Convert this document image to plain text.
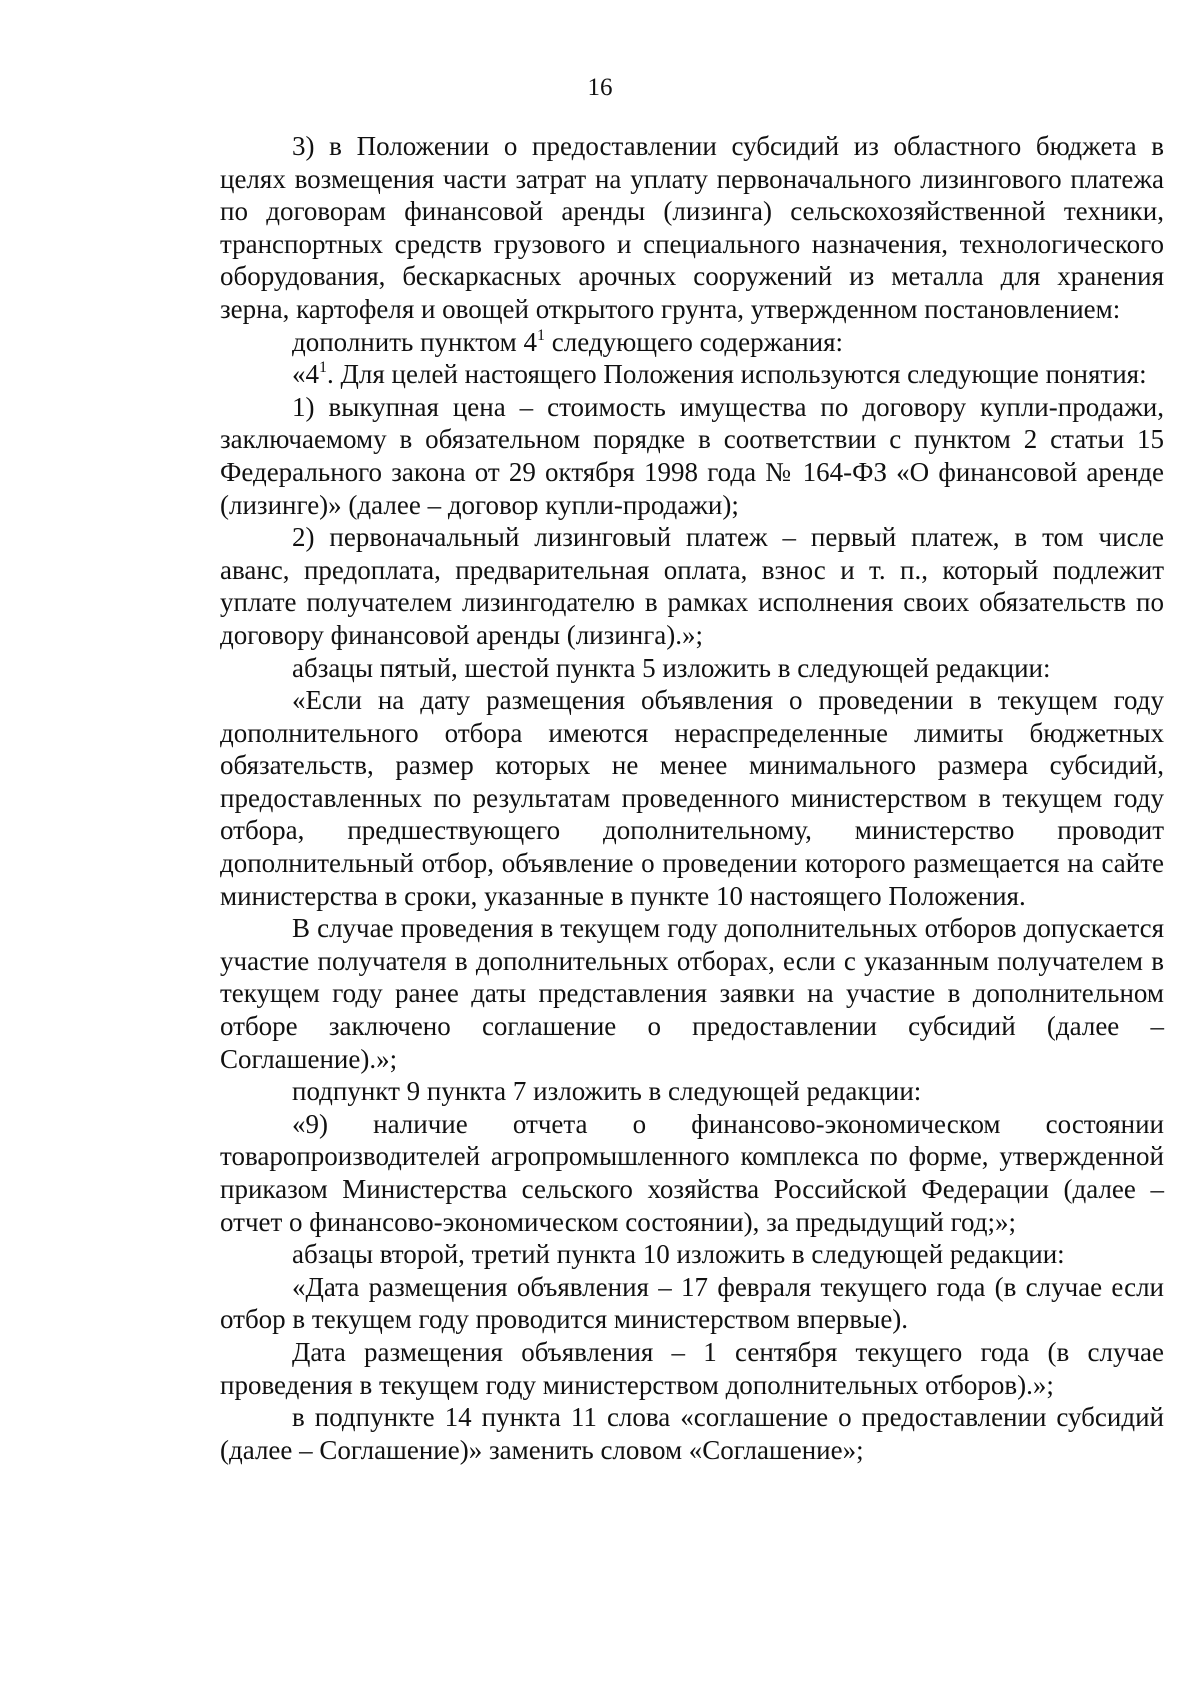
16

3) в Положении о предоставлении субсидий из областного бюджета в целях возмещения части затрат на уплату первоначального лизингового платежа по договорам финансовой аренды (лизинга) сельскохозяйственной техники, транспортных средств грузового и специального назначения, технологического оборудования, бескаркасных арочных сооружений из металла для хранения зерна, картофеля и овощей открытого грунта, утвержденном постановлением:

дополнить пунктом $4^1$ следующего содержания:

«$4^1$. Для целей настоящего Положения используются следующие понятия:

1) выкупная цена – стоимость имущества по договору купли-продажи, заключаемому в обязательном порядке в соответствии с пунктом 2 статьи 15 Федерального закона от 29 октября 1998 года № 164-ФЗ «О финансовой аренде (лизинге)» (далее – договор купли-продажи);

2) первоначальный лизинговый платеж – первый платеж, в том числе аванс, предоплата, предварительная оплата, взнос и т. п., который подлежит уплате получателем лизингодателю в рамках исполнения своих обязательств по договору финансовой аренды (лизинга).»;

абзацы пятый, шестой пункта 5 изложить в следующей редакции:

«Если на дату размещения объявления о проведении в текущем году дополнительного отбора имеются нераспределенные лимиты бюджетных обязательств, размер которых не менее минимального размера субсидий, предоставленных по результатам проведенного министерством в текущем году отбора, предшествующего дополнительному, министерство проводит дополнительный отбор, объявление о проведении которого размещается на сайте министерства в сроки, указанные в пункте 10 настоящего Положения.

В случае проведения в текущем году дополнительных отборов допускается участие получателя в дополнительных отборах, если с указанным получателем в текущем году ранее даты представления заявки на участие в дополнительном отборе заключено соглашение о предоставлении субсидий (далее – Соглашение).»;

подпункт 9 пункта 7 изложить в следующей редакции:

«9) наличие отчета о финансово-экономическом состоянии товаропроизводителей агропромышленного комплекса по форме, утвержденной приказом Министерства сельского хозяйства Российской Федерации (далее – отчет о финансово-экономическом состоянии), за предыдущий год;»;

абзацы второй, третий пункта 10 изложить в следующей редакции:

«Дата размещения объявления – 17 февраля текущего года (в случае если отбор в текущем году проводится министерством впервые).

Дата размещения объявления – 1 сентября текущего года (в случае проведения в текущем году министерством дополнительных отборов).»;

в подпункте 14 пункта 11 слова «соглашение о предоставлении субсидий (далее – Соглашение)» заменить словом «Соглашение»;
